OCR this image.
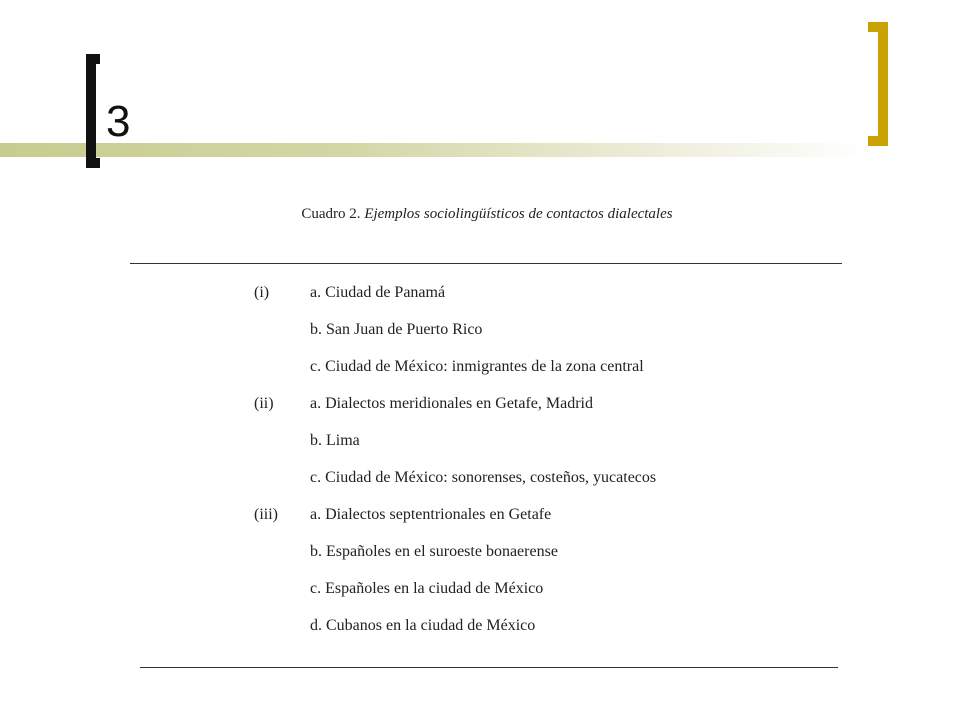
3
Cuadro 2. Ejemplos sociolingüísticos de contactos dialectales
(i)	a. Ciudad de Panamá
b. San Juan de Puerto Rico
c. Ciudad de México: inmigrantes de la zona central
(ii)	a. Dialectos meridionales en Getafe, Madrid
b. Lima
c. Ciudad de México: sonorenses, costeños, yucatecos
(iii)	a. Dialectos septentrionales en Getafe
b. Españoles en el suroeste bonaerense
c. Españoles en la ciudad de México
d. Cubanos en la ciudad de México
